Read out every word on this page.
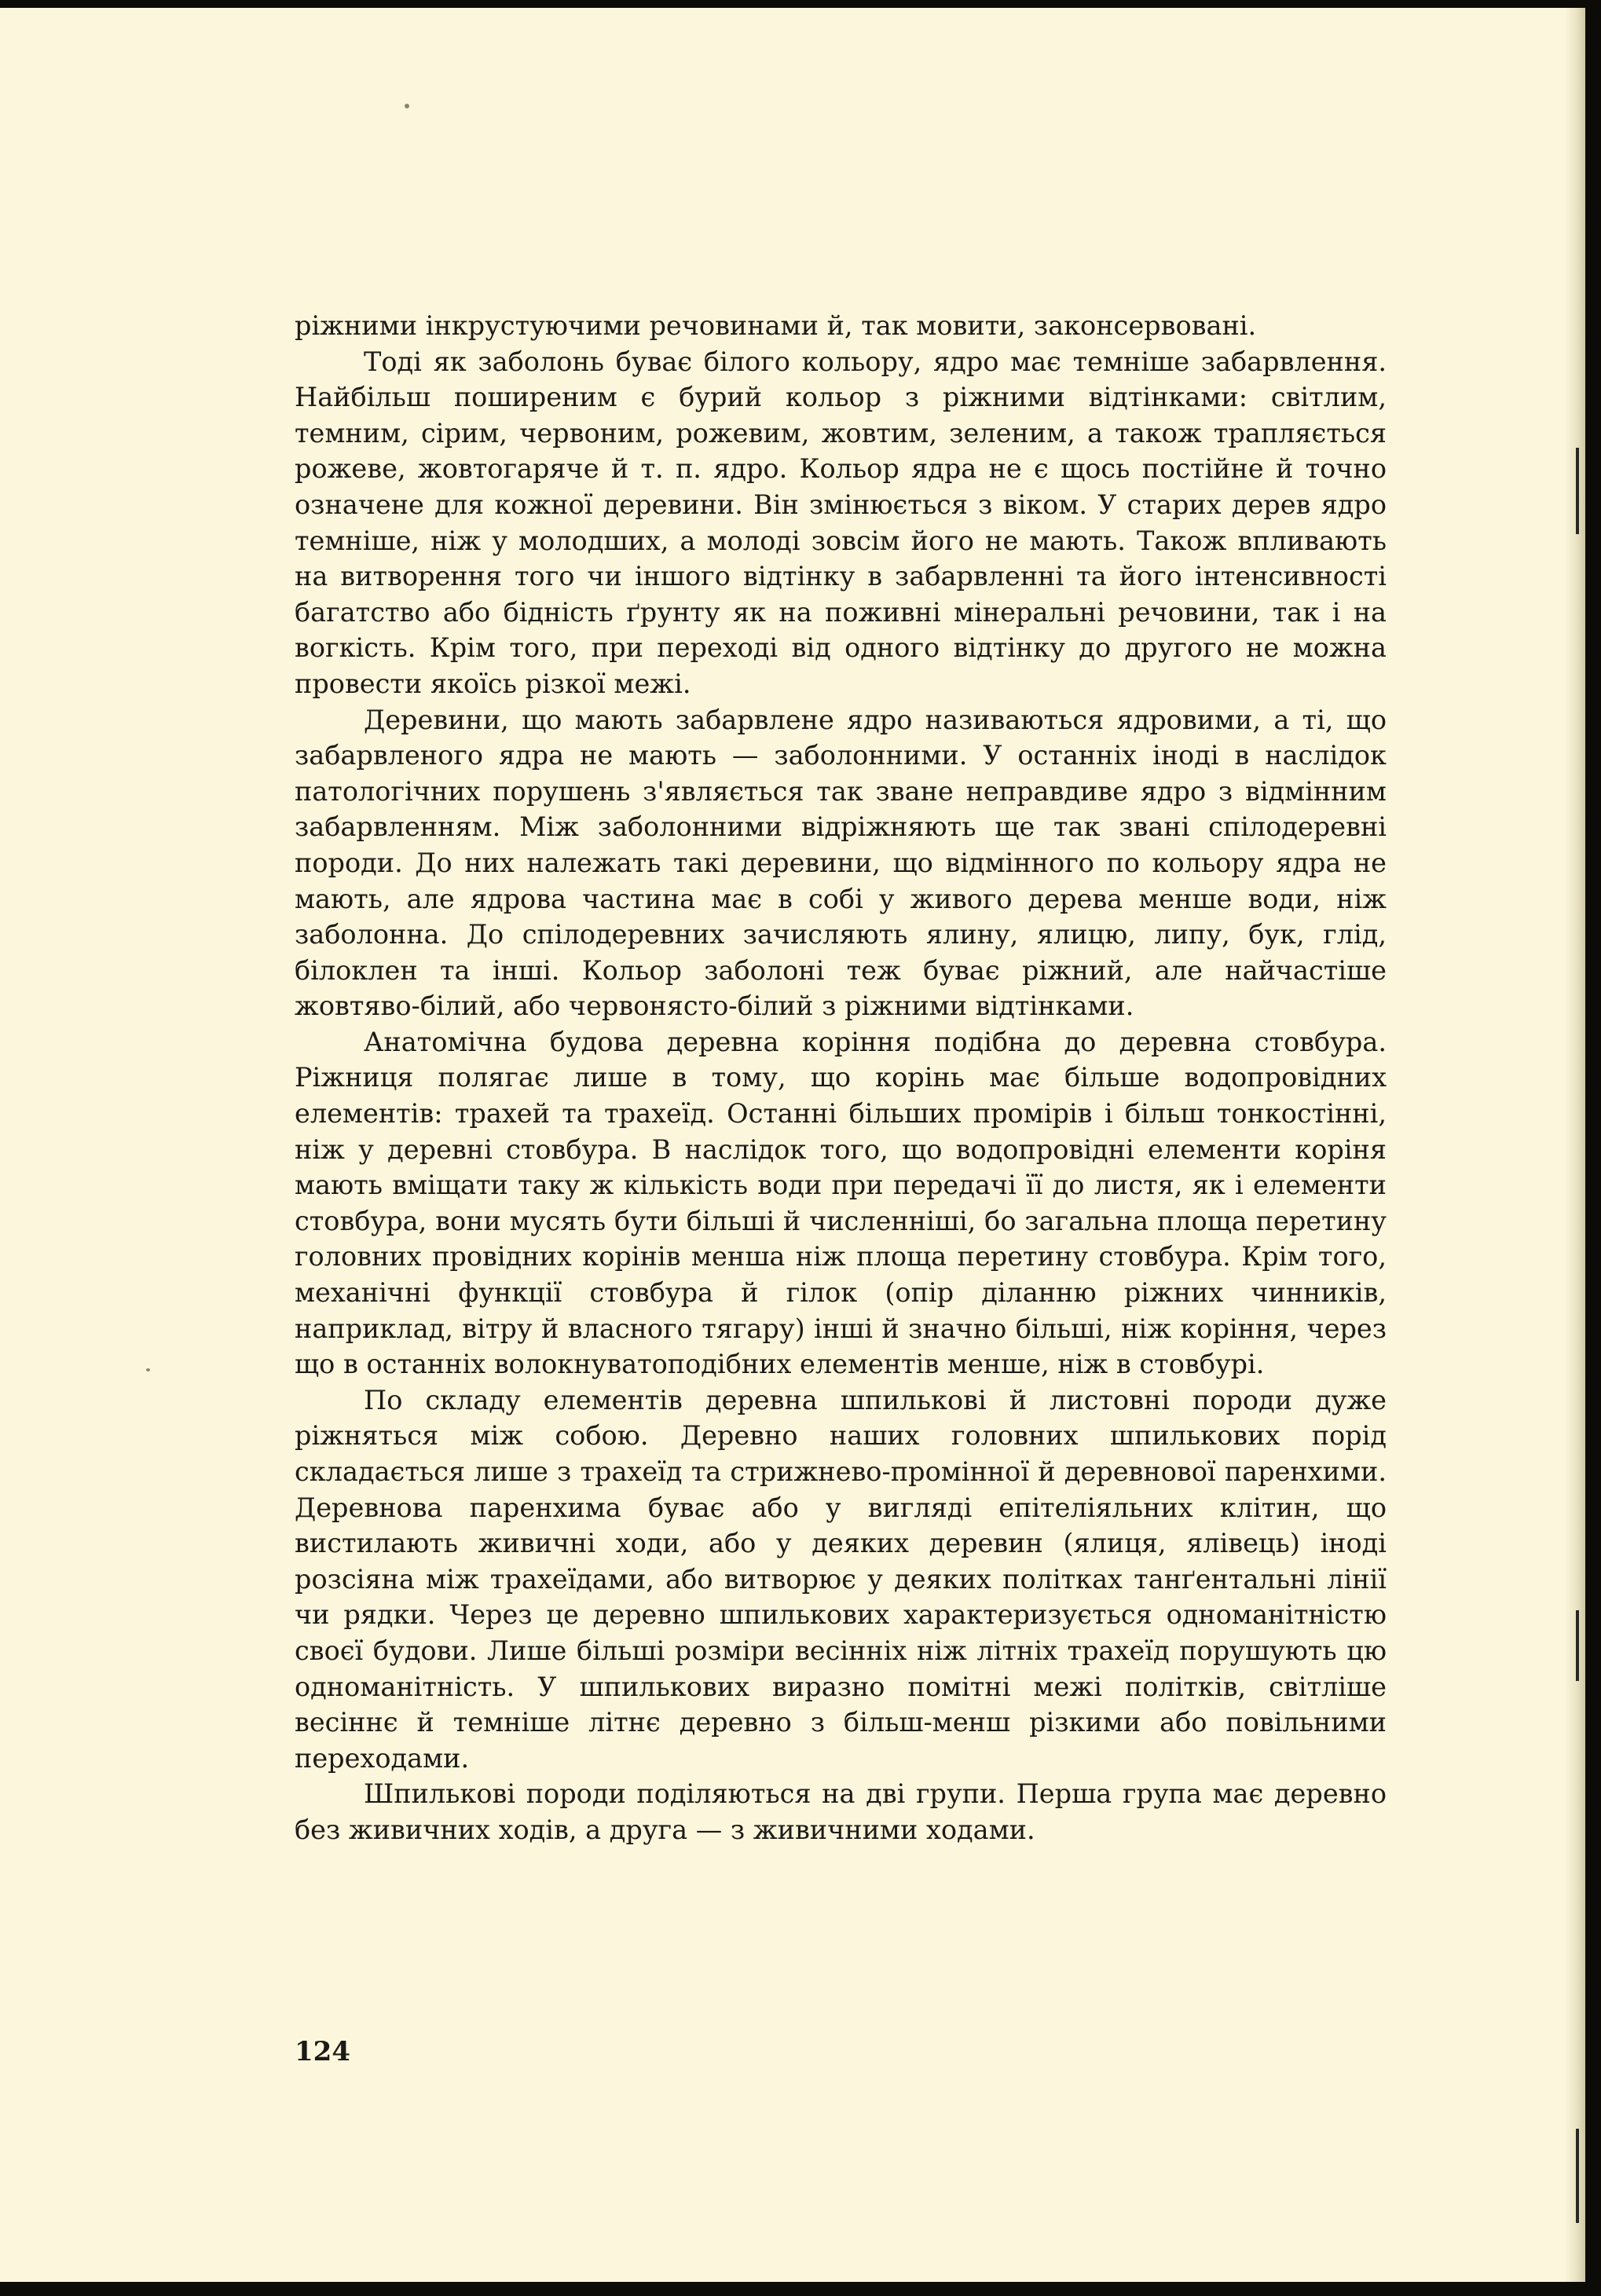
ріжними інкрустуючими речовинами й, так мовити, законсервовані.

Тоді як заболонь буває білого кольору, ядро має темніше забарвлення. Найбільш поширеним є бурий кольор з ріжними відтінками: світлим, темним, сірим, червоним, рожевим, жовтим, зеленим, а також трапляється рожеве, жовтогаряче й т. п. ядро. Кольор ядра не є щось постійне й точно означене для кожної деревини. Він змінюється з віком. У старих дерев ядро темніше, ніж у молодших, а молоді зовсім його не мають. Також впливають на витворення того чи іншого відтінку в забарвленні та його інтенсивності багатство або бідність ґрунту як на поживні мінеральні речовини, так і на вогкість. Крім того, при переході від одного відтінку до другого не можна провести якоїсь різкої межі.

Деревини, що мають забарвлене ядро називаються ядровими, а ті, що забарвленого ядра не мають — заболонними. У останніх іноді в наслідок патологічних порушень з'являється так зване неправдиве ядро з відмінним забарвленням. Між заболонними відріжняють ще так звані спілодеревні породи. До них належать такі деревини, що відмінного по кольору ядра не мають, але ядрова частина має в собі у живого дерева менше води, ніж заболонна. До спілодеревних зачисляють ялину, ялицю, липу, бук, глід, білоклен та інші. Кольор заболоні теж буває ріжний, але найчастіше жовтяво-білий, або червонясто-білий з ріжними відтінками.

Анатомічна будова деревна коріння подібна до деревна стовбура. Ріжниця полягає лише в тому, що корінь має більше водопровідних елементів: трахей та трахеїд. Останні більших промірів і більш тонкостінні, ніж у деревні стовбура. В наслідок того, що водопровідні елементи коріня мають вміщати таку ж кількість води при передачі її до листя, як і елементи стовбура, вони мусять бути більші й численніші, бо загальна площа перетину головних провідних корінів менша ніж площа перетину стовбура. Крім того, механічні функції стовбура й гілок (опір діланню ріжних чинників, наприклад, вітру й власного тягару) інші й значно більші, ніж коріння, через що в останніх волокнуватоподібних елементів менше, ніж в стовбурі.

По складу елементів деревна шпилькові й листовні породи дуже ріжняться між собою. Деревно наших головних шпилькових порід складається лише з трахеїд та стрижнево-промінної й деревнової паренхими. Деревнова паренхима буває або у вигляді епітеліяльних клітин, що вистилають живичні ходи, або у деяких деревин (ялиця, ялівець) іноді розсіяна між трахеїдами, або витворює у деяких політках танґентальні лінії чи рядки. Через це деревно шпилькових характеризується одноманітністю своєї будови. Лише більші розміри весінніх ніж літніх трахеїд порушують цю одноманітність. У шпилькових виразно помітні межі політків, світліше весіннє й темніше літнє деревно з більш-менш різкими або повільними переходами.

Шпилькові породи поділяються на дві групи. Перша група має деревно без живичних ходів, а друга — з живичними ходами.

124
